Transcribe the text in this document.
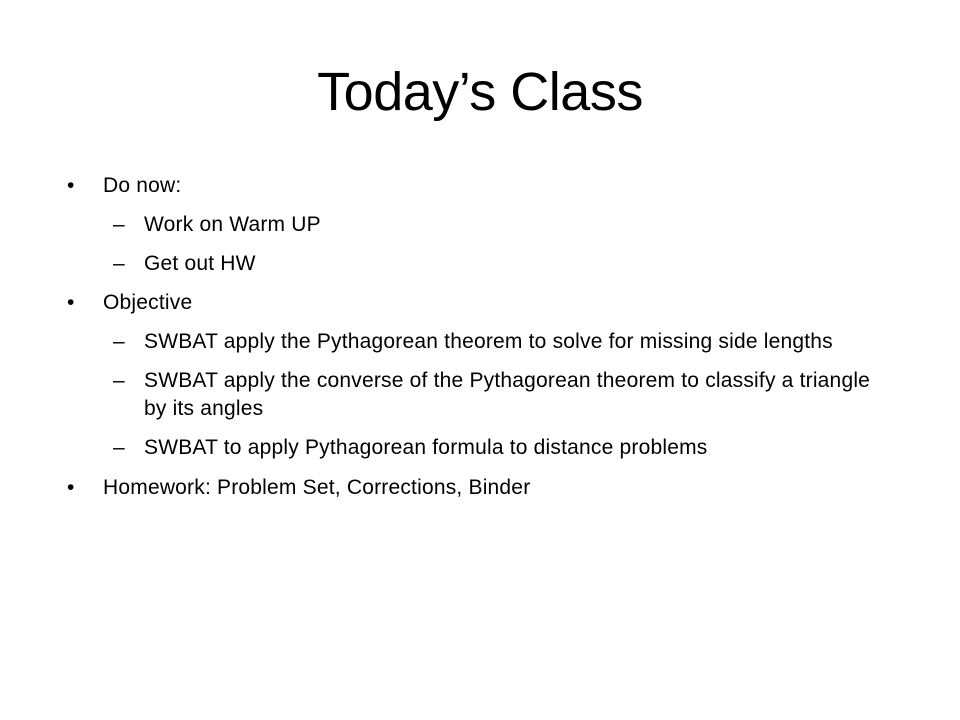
Today’s Class
• Do now:
– Work on Warm UP
– Get out HW
• Objective
– SWBAT apply the Pythagorean theorem to solve for missing side lengths
– SWBAT apply the converse of the Pythagorean theorem to classify a triangle by its angles
– SWBAT to apply Pythagorean formula to distance problems
• Homework: Problem Set, Corrections, Binder
